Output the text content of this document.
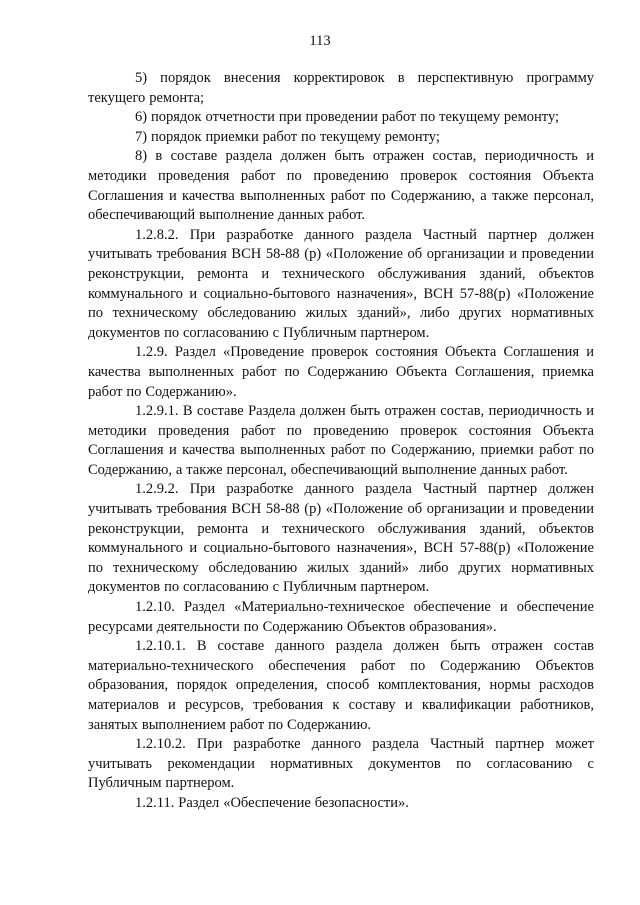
113

5) порядок внесения корректировок в перспективную программу текущего ремонта;

6) порядок отчетности при проведении работ по текущему ремонту;

7) порядок приемки работ по текущему ремонту;

8) в составе раздела должен быть отражен состав, периодичность и методики проведения работ по проведению проверок состояния Объекта Соглашения и качества выполненных работ по Содержанию, а также персонал, обеспечивающий выполнение данных работ.

1.2.8.2. При разработке данного раздела Частный партнер должен учитывать требования ВСН 58-88 (р) «Положение об организации и проведении реконструкции, ремонта и технического обслуживания зданий, объектов коммунального и социально-бытового назначения», ВСН 57-88(р) «Положение по техническому обследованию жилых зданий», либо других нормативных документов по согласованию с Публичным партнером.

1.2.9. Раздел «Проведение проверок состояния Объекта Соглашения и качества выполненных работ по Содержанию Объекта Соглашения, приемка работ по Содержанию».

1.2.9.1. В составе Раздела должен быть отражен состав, периодичность и методики проведения работ по проведению проверок состояния Объекта Соглашения и качества выполненных работ по Содержанию, приемки работ по Содержанию, а также персонал, обеспечивающий выполнение данных работ.

1.2.9.2. При разработке данного раздела Частный партнер должен учитывать требования ВСН 58-88 (р) «Положение об организации и проведении реконструкции, ремонта и технического обслуживания зданий, объектов коммунального и социально-бытового назначения», ВСН 57-88(р) «Положение по техническому обследованию жилых зданий» либо других нормативных документов по согласованию с Публичным партнером.

1.2.10. Раздел «Материально-техническое обеспечение и обеспечение ресурсами деятельности по Содержанию Объектов образования».

1.2.10.1. В составе данного раздела должен быть отражен состав материально-технического обеспечения работ по Содержанию Объектов образования, порядок определения, способ комплектования, нормы расходов материалов и ресурсов, требования к составу и квалификации работников, занятых выполнением работ по Содержанию.

1.2.10.2. При разработке данного раздела Частный партнер может учитывать рекомендации нормативных документов по согласованию с Публичным партнером.

1.2.11. Раздел «Обеспечение безопасности».
